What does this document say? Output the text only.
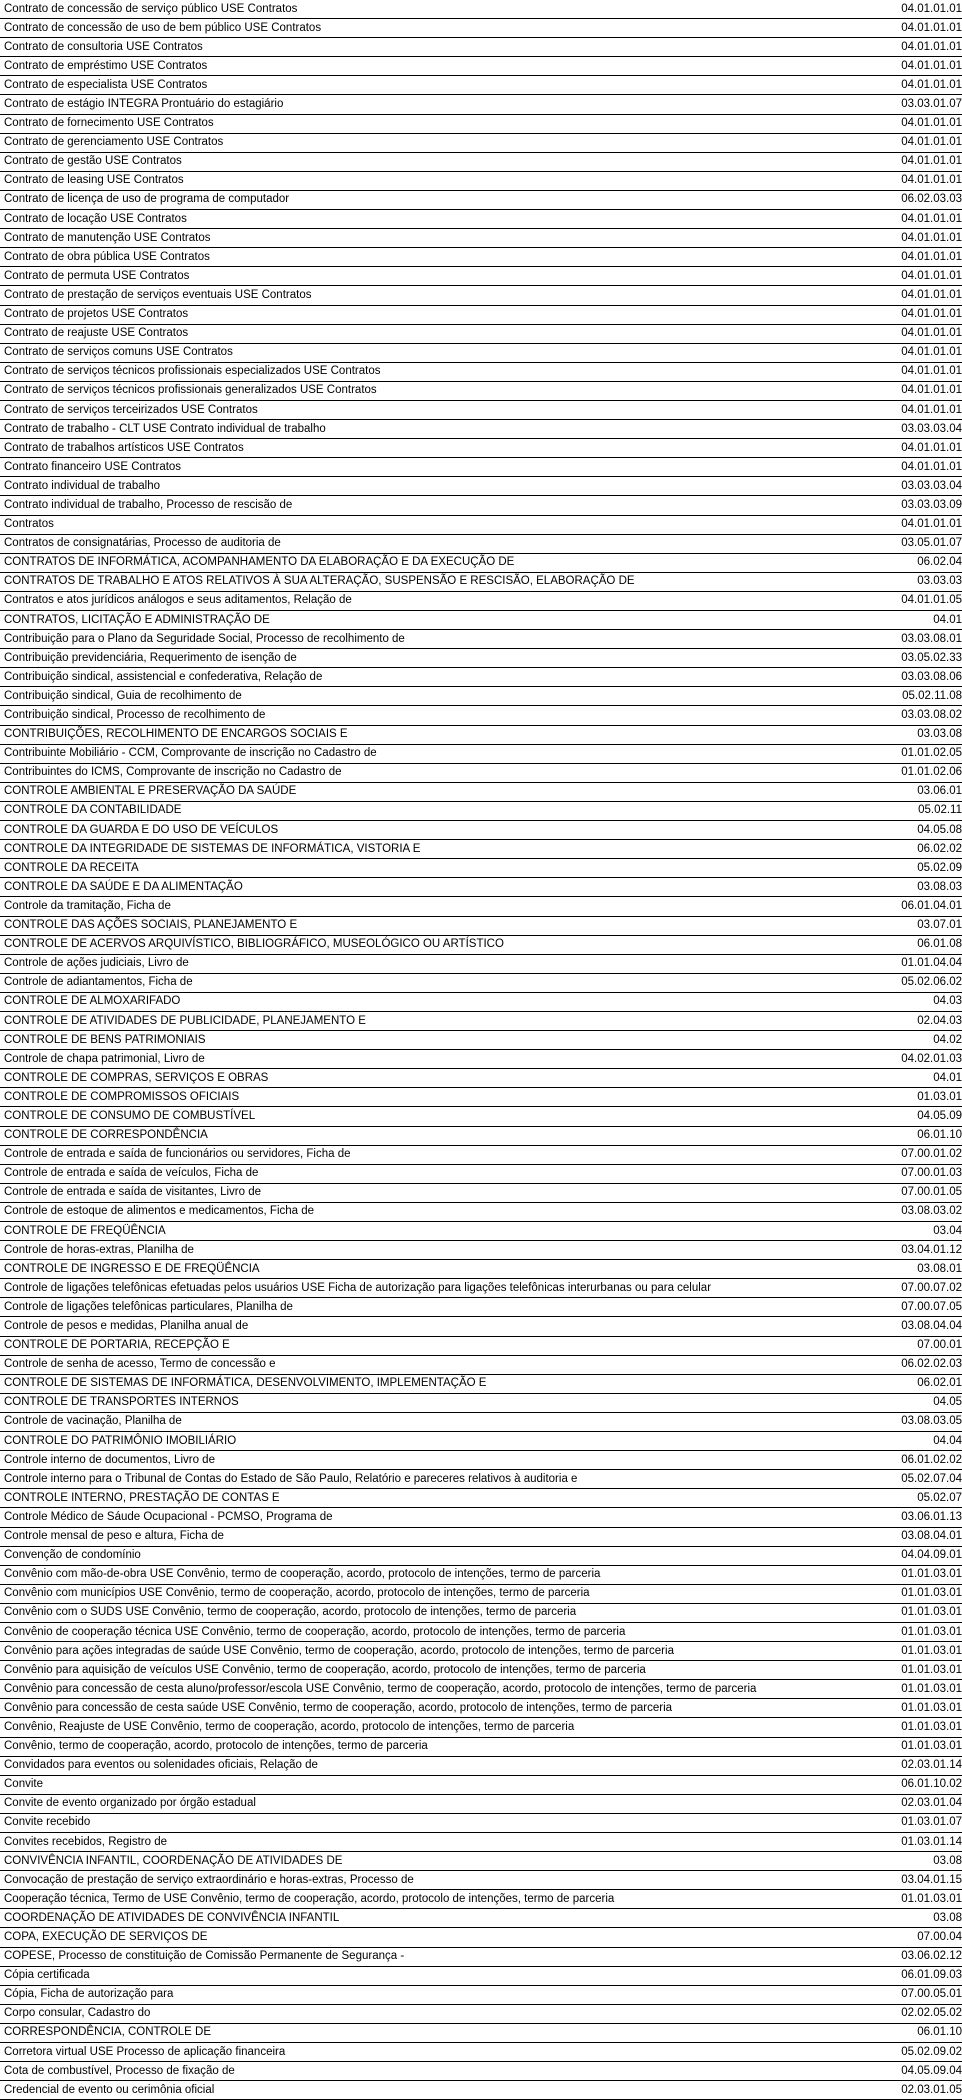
Contrato de concessão de serviço público USE Contratos	04.01.01.01
Contrato de concessão de uso de bem público USE Contratos	04.01.01.01
Contrato de consultoria USE Contratos	04.01.01.01
Contrato de empréstimo USE Contratos	04.01.01.01
Contrato de especialista USE Contratos	04.01.01.01
Contrato de estágio INTEGRA Prontuário do estagiário	03.03.01.07
Contrato de fornecimento USE Contratos	04.01.01.01
Contrato de gerenciamento USE Contratos	04.01.01.01
Contrato de gestão USE Contratos	04.01.01.01
Contrato de leasing USE Contratos	04.01.01.01
Contrato de licença de uso de programa de computador	06.02.03.03
Contrato de locação USE Contratos	04.01.01.01
Contrato de manutenção USE Contratos	04.01.01.01
Contrato de obra pública USE Contratos	04.01.01.01
Contrato de permuta USE Contratos	04.01.01.01
Contrato de prestação de serviços eventuais USE Contratos	04.01.01.01
Contrato de projetos USE Contratos	04.01.01.01
Contrato de reajuste USE Contratos	04.01.01.01
Contrato de serviços comuns USE Contratos	04.01.01.01
Contrato de serviços técnicos profissionais especializados USE Contratos	04.01.01.01
Contrato de serviços técnicos profissionais generalizados USE Contratos	04.01.01.01
Contrato de serviços terceirizados USE Contratos	04.01.01.01
Contrato de trabalho - CLT USE Contrato individual de trabalho	03.03.03.04
Contrato de trabalhos artísticos USE Contratos	04.01.01.01
Contrato financeiro USE Contratos	04.01.01.01
Contrato individual de trabalho	03.03.03.04
Contrato individual de trabalho, Processo de rescisão de	03.03.03.09
Contratos	04.01.01.01
Contratos de consignatárias, Processo de auditoria de	03.05.01.07
CONTRATOS DE INFORMÁTICA, ACOMPANHAMENTO DA ELABORAÇÃO E DA EXECUÇÃO DE	06.02.04
CONTRATOS DE TRABALHO E ATOS RELATIVOS À SUA ALTERAÇÃO, SUSPENSÃO E RESCISÃO, ELABORAÇÃO DE	03.03.03
Contratos e atos jurídicos análogos e seus aditamentos, Relação de	04.01.01.05
CONTRATOS, LICITAÇÃO E ADMINISTRAÇÃO DE	04.01
Contribuição para o Plano da Seguridade Social, Processo de recolhimento de	03.03.08.01
Contribuição previdenciária, Requerimento de isenção de	03.05.02.33
Contribuição sindical, assistencial e confederativa, Relação de	03.03.08.06
Contribuição sindical, Guia de recolhimento de	05.02.11.08
Contribuição sindical, Processo de recolhimento de	03.03.08.02
CONTRIBUIÇÕES, RECOLHIMENTO DE ENCARGOS SOCIAIS E	03.03.08
Contribuinte Mobiliário - CCM, Comprovante de inscrição no Cadastro de	01.01.02.05
Contribuintes do ICMS, Comprovante de inscrição no Cadastro de	01.01.02.06
CONTROLE AMBIENTAL E PRESERVAÇÃO DA SAÚDE	03.06.01
CONTROLE DA CONTABILIDADE	05.02.11
CONTROLE DA GUARDA E DO USO DE VEÍCULOS	04.05.08
CONTROLE DA INTEGRIDADE DE SISTEMAS DE INFORMÁTICA, VISTORIA E	06.02.02
CONTROLE DA RECEITA	05.02.09
CONTROLE DA SAÚDE E DA ALIMENTAÇÃO	03.08.03
Controle da tramitação, Ficha de	06.01.04.01
CONTROLE DAS AÇÕES SOCIAIS, PLANEJAMENTO E	03.07.01
CONTROLE DE ACERVOS ARQUIVÍSTICO, BIBLIOGRÁFICO, MUSEOLÓGICO OU ARTÍSTICO	06.01.08
Controle de ações judiciais, Livro de	01.01.04.04
Controle de adiantamentos, Ficha de	05.02.06.02
CONTROLE DE ALMOXARIFADO	04.03
CONTROLE DE ATIVIDADES DE PUBLICIDADE, PLANEJAMENTO E	02.04.03
CONTROLE DE BENS PATRIMONIAIS	04.02
Controle de chapa patrimonial, Livro de	04.02.01.03
CONTROLE DE COMPRAS, SERVIÇOS E OBRAS	04.01
CONTROLE DE COMPROMISSOS OFICIAIS	01.03.01
CONTROLE DE CONSUMO DE COMBUSTÍVEL	04.05.09
CONTROLE DE CORRESPONDÊNCIA	06.01.10
Controle de entrada e saída de funcionários ou servidores, Ficha de	07.00.01.02
Controle de entrada e saída de veículos, Ficha de	07.00.01.03
Controle de entrada e saída de visitantes, Livro de	07.00.01.05
Controle de estoque de alimentos e medicamentos, Ficha de	03.08.03.02
CONTROLE DE FREQÜÊNCIA	03.04
Controle de horas-extras, Planilha de	03.04.01.12
CONTROLE DE INGRESSO E DE FREQÜÊNCIA	03.08.01
Controle de ligações telefônicas efetuadas pelos usuários USE Ficha de autorização para ligações telefônicas interurbanas ou para celular	07.00.07.02
Controle de ligações telefônicas particulares, Planilha de	07.00.07.05
Controle de pesos e medidas, Planilha anual de	03.08.04.04
CONTROLE DE PORTARIA, RECEPÇÃO E	07.00.01
Controle de senha de acesso, Termo de concessão e	06.02.02.03
CONTROLE DE SISTEMAS DE INFORMÁTICA, DESENVOLVIMENTO, IMPLEMENTAÇÃO E	06.02.01
CONTROLE DE TRANSPORTES INTERNOS	04.05
Controle de vacinação, Planilha de	03.08.03.05
CONTROLE DO PATRIMÔNIO IMOBILIÁRIO	04.04
Controle interno de documentos, Livro de	06.01.02.02
Controle interno para o Tribunal de Contas do Estado de São Paulo, Relatório e pareceres relativos à auditoria e	05.02.07.04
CONTROLE INTERNO, PRESTAÇÃO DE CONTAS E	05.02.07
Controle Médico de Sáude Ocupacional - PCMSO, Programa de	03.06.01.13
Controle mensal de peso e altura, Ficha de	03.08.04.01
Convenção de condomínio	04.04.09.01
Convênio com mão-de-obra USE Convênio, termo de cooperação, acordo, protocolo de intenções, termo de parceria	01.01.03.01
Convênio com municípios USE Convênio, termo de cooperação, acordo, protocolo de intenções, termo de parceria	01.01.03.01
Convênio com o SUDS USE Convênio, termo de cooperação, acordo, protocolo de intenções, termo de parceria	01.01.03.01
Convênio de cooperação técnica USE Convênio, termo de cooperação, acordo, protocolo de intenções, termo de parceria	01.01.03.01
Convênio para ações integradas de saúde USE Convênio, termo de cooperação, acordo, protocolo de intenções, termo de parceria	01.01.03.01
Convênio para aquisição de veículos USE Convênio, termo de cooperação, acordo, protocolo de intenções, termo de parceria	01.01.03.01
Convênio para concessão de cesta aluno/professor/escola USE Convênio, termo de cooperação, acordo, protocolo de intenções, termo de parceria	01.01.03.01
Convênio para concessão de cesta saúde USE Convênio, termo de cooperação, acordo, protocolo de intenções, termo de parceria	01.01.03.01
Convênio, Reajuste de USE Convênio, termo de cooperação, acordo, protocolo de intenções, termo de parceria	01.01.03.01
Convênio, termo de cooperação, acordo, protocolo de intenções, termo de parceria	01.01.03.01
Convidados para eventos ou solenidades oficiais, Relação de	02.03.01.14
Convite	06.01.10.02
Convite de evento organizado por órgão estadual	02.03.01.04
Convite recebido	01.03.01.07
Convites recebidos, Registro de	01.03.01.14
CONVIVÊNCIA INFANTIL, COORDENAÇÃO DE ATIVIDADES DE	03.08
Convocação de prestação de serviço extraordinário e horas-extras, Processo de	03.04.01.15
Cooperação técnica, Termo de USE Convênio, termo de cooperação, acordo, protocolo de intenções, termo de parceria	01.01.03.01
COORDENAÇÃO DE ATIVIDADES DE CONVIVÊNCIA INFANTIL	03.08
COPA, EXECUÇÃO DE SERVIÇOS DE	07.00.04
COPESE, Processo de constituição de Comissão Permanente de Segurança -	03.06.02.12
Cópia certificada	06.01.09.03
Cópia, Ficha de autorização para	07.00.05.01
Corpo consular, Cadastro do	02.02.05.02
CORRESPONDÊNCIA, CONTROLE DE	06.01.10
Corretora virtual USE Processo de aplicação financeira	05.02.09.02
Cota de combustível, Processo de fixação de	04.05.09.04
Credencial de evento ou cerimônia oficial	02.03.01.05
